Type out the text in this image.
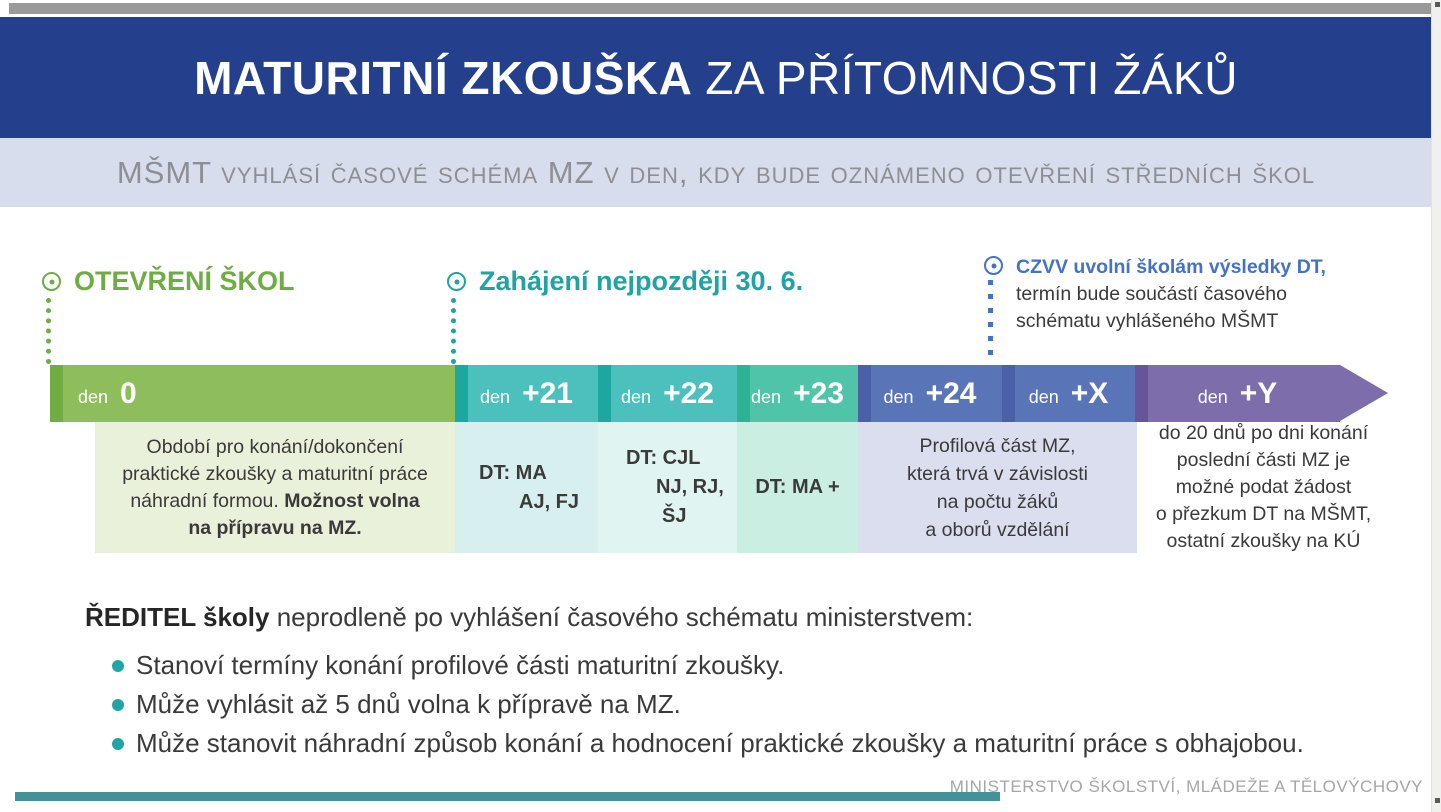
MATURITNÍ ZKOUŠKA ZA PŘÍTOMNOSTI ŽÁKŮ
MŠMT vyhlásí časové schéma MZ v den, kdy bude oznámeno otevření středních škol
OTEVŘENÍ ŠKOL	Zahájení nejpozději 30. 6.	CZVV uvolní školám výsledky DT,
termín bude součástí časového
schématu vyhlášeného MŠMT
den 0	den +21	den +22 den +23 den +24	den +X	den +Y
Období pro konání/dokončení
praktické zkoušky a maturitní práce
náhradní formou. Možnost volna
na přípravu na MZ.
DT: MA
AJ, FJ
DT: CJL
NJ, RJ,
ŠJ
DT: MA +
Profilová část MZ,
která trvá v závislosti
na počtu žáků
a oborů vzdělání
do 20 dnů po dni konání
poslední části MZ je
možné podat žádost
o přezkum DT na MŠMT,
ostatní zkoušky na KÚ

ŘEDITEL školy neprodleně po vyhlášení časového schématu ministerstvem:

Stanoví termíny konání profilové části maturitní zkoušky.
Může vyhlásit až 5 dnů volna k přípravě na MZ.
Může stanovit náhradní způsob konání a hodnocení praktické zkoušky a maturitní práce s obhajobou.
MINISTERSTVO ŠKOLSTVÍ, MLÁDEŽE A TĚLOVÝCHOVY
